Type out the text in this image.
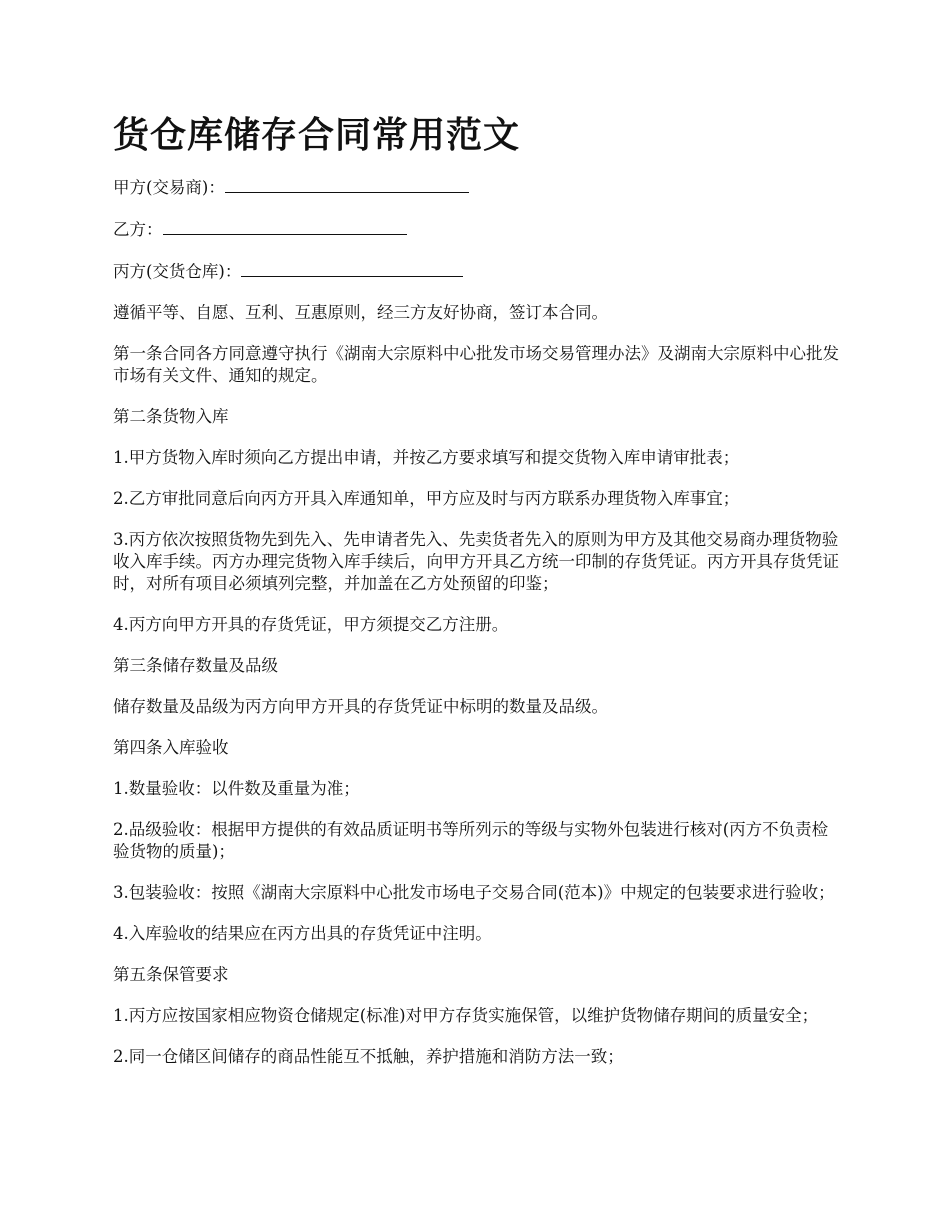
货仓库储存合同常用范文

甲方(交易商)：

乙方：

丙方(交货仓库)：

遵循平等、自愿、互利、互惠原则，经三方友好协商，签订本合同。

第一条合同各方同意遵守执行《湖南大宗原料中心批发市场交易管理办法》及湖南大宗原料中心批发市场有关文件、通知的规定。

第二条货物入库

1.甲方货物入库时须向乙方提出申请，并按乙方要求填写和提交货物入库申请审批表；

2.乙方审批同意后向丙方开具入库通知单，甲方应及时与丙方联系办理货物入库事宜；

3.丙方依次按照货物先到先入、先申请者先入、先卖货者先入的原则为甲方及其他交易商办理货物验收入库手续。丙方办理完货物入库手续后，向甲方开具乙方统一印制的存货凭证。丙方开具存货凭证时，对所有项目必须填列完整，并加盖在乙方处预留的印鉴；

4.丙方向甲方开具的存货凭证，甲方须提交乙方注册。

第三条储存数量及品级

储存数量及品级为丙方向甲方开具的存货凭证中标明的数量及品级。

第四条入库验收

1.数量验收：以件数及重量为准；

2.品级验收：根据甲方提供的有效品质证明书等所列示的等级与实物外包装进行核对(丙方不负责检验货物的质量)；

3.包装验收：按照《湖南大宗原料中心批发市场电子交易合同(范本)》中规定的包装要求进行验收；

4.入库验收的结果应在丙方出具的存货凭证中注明。

第五条保管要求

1.丙方应按国家相应物资仓储规定(标准)对甲方存货实施保管，以维护货物储存期间的质量安全；

2.同一仓储区间储存的商品性能互不抵触，养护措施和消防方法一致；
